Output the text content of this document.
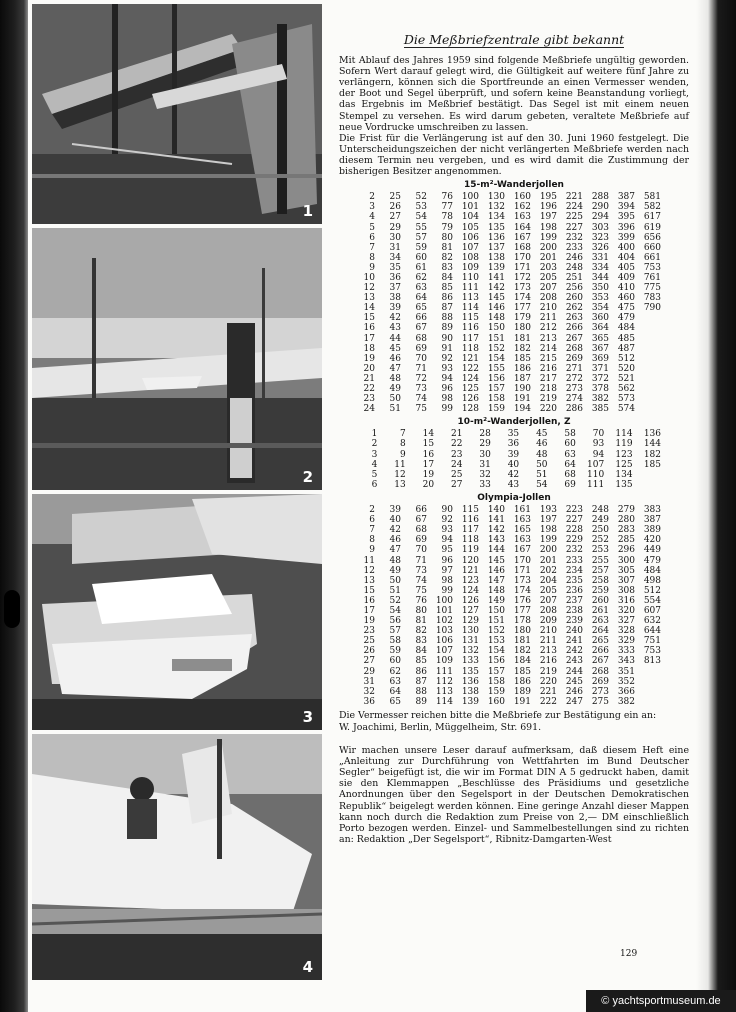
1
2
3
4
Die Meßbriefzentrale gibt bekannt

Mit Ablauf des Jahres 1959 sind folgende Meßbriefe ungültig geworden. Sofern Wert darauf gelegt wird, die Gültigkeit auf weitere fünf Jahre zu verlängern, können sich die Sportfreunde an einen Vermesser wenden, der Boot und Segel überprüft, und sofern keine Beanstandung vorliegt, das Ergebnis im Meßbrief bestätigt. Das Segel ist mit einem neuen Stempel zu versehen. Es wird darum gebeten, veraltete Meßbriefe auf neue Vordrucke umschreiben zu lassen.

Die Frist für die Verlängerung ist auf den 30. Juni 1960 festgelegt. Die Unterscheidungszeichen der nicht verlängerten Meßbriefe werden nach diesem Termin neu vergeben, und es wird damit die Zustimmung der bisherigen Besitzer angenommen.

15-m²-Wanderjollen
2	25	52	76	100	130	160	195	221	288	387	581
3	26	53	77	101	132	162	196	224	290	394	582
4	27	54	78	104	134	163	197	225	294	395	617
5	29	55	79	105	135	164	198	227	303	396	619
6	30	57	80	106	136	167	199	232	323	399	656
7	31	59	81	107	137	168	200	233	326	400	660
8	34	60	82	108	138	170	201	246	331	404	661
9	35	61	83	109	139	171	203	248	334	405	753
10	36	62	84	110	141	172	205	251	344	409	761
12	37	63	85	111	142	173	207	256	350	410	775
13	38	64	86	113	145	174	208	260	353	460	783
14	39	65	87	114	146	177	210	262	354	475	790
15	42	66	88	115	148	179	211	263	360	479	
16	43	67	89	116	150	180	212	266	364	484	
17	44	68	90	117	151	181	213	267	365	485	
18	45	69	91	118	152	182	214	268	367	487	
19	46	70	92	121	154	185	215	269	369	512	
20	47	71	93	122	155	186	216	271	371	520	
21	48	72	94	124	156	187	217	272	372	521	
22	49	73	96	125	157	190	218	273	378	562	
23	50	74	98	126	158	191	219	274	382	573	
24	51	75	99	128	159	194	220	286	385	574	
10-m²-Wanderjollen, Z
1	7	14	21	28	35	45	58	70	114	136
2	8	15	22	29	36	46	60	93	119	144
3	9	16	23	30	39	48	63	94	123	182
4	11	17	24	31	40	50	64	107	125	185
5	12	19	25	32	42	51	68	110	134	
6	13	20	27	33	43	54	69	111	135	
Olympia-Jollen
2	39	66	90	115	140	161	193	223	248	279	383
6	40	67	92	116	141	163	197	227	249	280	387
7	42	68	93	117	142	165	198	228	250	283	389
8	46	69	94	118	143	163	199	229	252	285	420
9	47	70	95	119	144	167	200	232	253	296	449
11	48	71	96	120	145	170	201	233	255	300	479
12	49	73	97	121	146	171	202	234	257	305	484
13	50	74	98	123	147	173	204	235	258	307	498
15	51	75	99	124	148	174	205	236	259	308	512
16	52	76	100	126	149	176	207	237	260	316	554
17	54	80	101	127	150	177	208	238	261	320	607
19	56	81	102	129	151	178	209	239	263	327	632
23	57	82	103	130	152	180	210	240	264	328	644
25	58	83	106	131	153	181	211	241	265	329	751
26	59	84	107	132	154	182	213	242	266	333	753
27	60	85	109	133	156	184	216	243	267	343	813
29	62	86	111	135	157	185	219	244	268	351	
31	63	87	112	136	158	186	220	245	269	352	
32	64	88	113	138	159	189	221	246	273	366	
36	65	89	114	139	160	191	222	247	275	382	

Die Vermesser reichen bitte die Meßbriefe zur Bestätigung ein an:

W. Joachimi, Berlin, Müggelheim, Str. 691.

Wir machen unsere Leser darauf aufmerksam, daß diesem Heft eine „Anleitung zur Durchführung von Wettfahrten im Bund Deutscher Segler“ beigefügt ist, die wir im Format DIN A 5 gedruckt haben, damit sie den Klemmappen „Beschlüsse des Präsidiums und gesetzliche Anordnungen über den Segelsport in der Deutschen Demokratischen Republik“ beigelegt werden können. Eine geringe Anzahl dieser Mappen kann noch durch die Redaktion zum Preise von 2,— DM einschließlich Porto bezogen werden. Einzel- und Sammelbestellungen sind zu richten an: Redaktion „Der Segelsport“, Ribnitz-Damgarten-West

129
© yachtsportmuseum.de
